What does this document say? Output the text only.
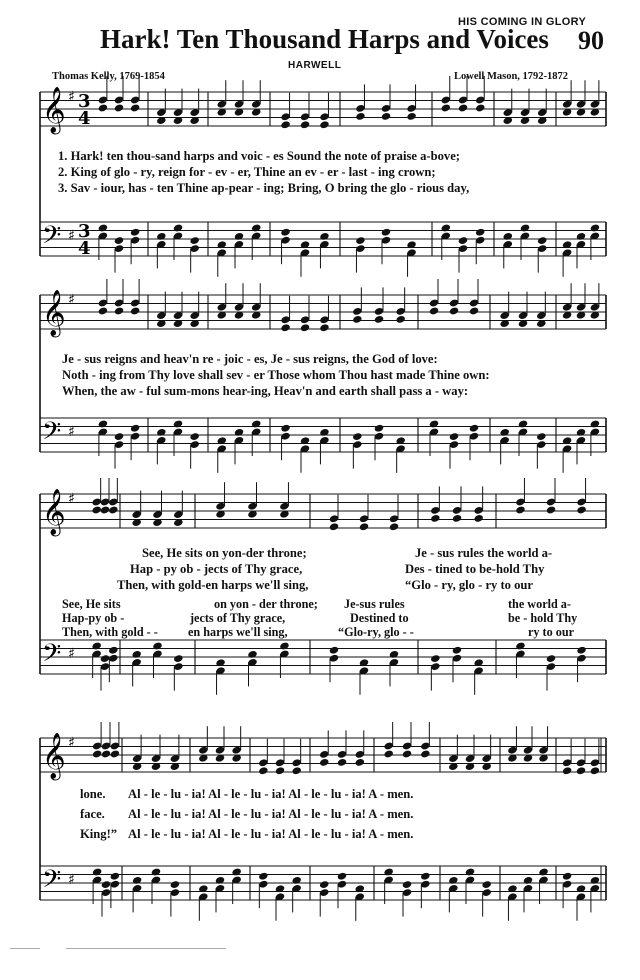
HIS COMING IN GLORY
Hark! Ten Thousand Harps and Voices 90
HARWELL
Thomas Kelly, 1769-1854	Lowell Mason, 1792-1872
𝄞
𝄢
♯
♯
3
3
4
4
𝄞
𝄢
♯
♯
𝄞
𝄢
♯
♯
𝄞
𝄢
♯
♯
1. Hark! ten thou-sand harps and voic - es Sound the note of praise a-bove;
2. King of glo - ry, reign for - ev - er, Thine an ev - er - last - ing crown;
3. Sav - iour, has - ten Thine ap-pear - ing; Bring, O bring the glo - rious day,
Je - sus reigns and heav'n re - joic - es, Je - sus reigns, the God of love:
Noth - ing from Thy love shall sev - er Those whom Thou hast made Thine own:
When, the aw - ful sum-mons hear-ing, Heav'n and earth shall pass a - way:
See, He sits on yon-der throne;
Hap - py ob - jects of Thy grace,
Then, with gold-en harps we'll sing,
Je - sus rules the world a-
Des - tined to be-hold Thy
“Glo - ry, glo - ry to our
See, He sits
Hap-py ob -
Then, with gold - -
on yon - der throne;
jects of Thy grace,
en harps we'll sing,
Je-sus rules
Destined to
“Glo-ry, glo - -
the world a-
be - hold Thy
ry to our
lone.
face.
King!”
Al - le - lu - ia! Al - le - lu - ia! Al - le - lu - ia! A - men.
Al - le - lu - ia! Al - le - lu - ia! Al - le - lu - ia! A - men.
Al - le - lu - ia! Al - le - lu - ia! Al - le - lu - ia! A - men.
